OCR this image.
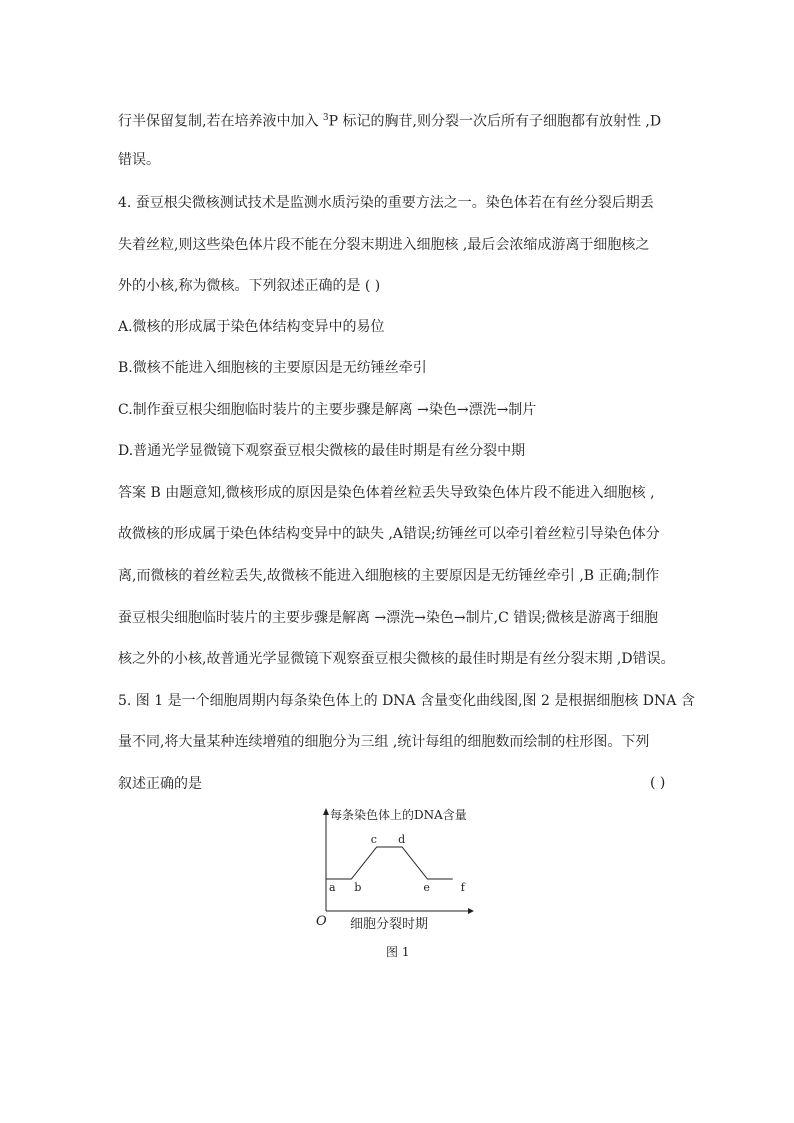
行半保留复制,若在培养液中加入 $^3$P 标记的胸苷,则分裂一次后所有子细胞都有放射性 ,D
错误。
4. 蚕豆根尖微核测试技术是监测水质污染的重要方法之一。染色体若在有丝分裂后期丢
失着丝粒,则这些染色体片段不能在分裂末期进入细胞核 ,最后会浓缩成游离于细胞核之
外的小核,称为微核。下列叙述正确的是 ( )
A.微核的形成属于染色体结构变异中的易位
B.微核不能进入细胞核的主要原因是无纺锤丝牵引
C.制作蚕豆根尖细胞临时装片的主要步骤是解离 →染色→漂洗→制片
D.普通光学显微镜下观察蚕豆根尖微核的最佳时期是有丝分裂中期
答案 B 由题意知,微核形成的原因是染色体着丝粒丢失导致染色体片段不能进入细胞核 ,
故微核的形成属于染色体结构变异中的缺失 ,A错误;纺锤丝可以牵引着丝粒引导染色体分
离,而微核的着丝粒丢失,故微核不能进入细胞核的主要原因是无纺锤丝牵引 ,B 正确;制作
蚕豆根尖细胞临时装片的主要步骤是解离 →漂洗→染色→制片,C 错误;微核是游离于细胞
核之外的小核,故普通光学显微镜下观察蚕豆根尖微核的最佳时期是有丝分裂末期 ,D错误。
5. 图 1 是一个细胞周期内每条染色体上的 DNA 含量变化曲线图,图 2 是根据细胞核 DNA 含
量不同,将大量某种连续增殖的细胞分为三组 ,统计每组的细胞数而绘制的柱形图。下列
叙述正确的是	( )
每条染色体上的DNA含量
O 细胞分裂时期
a b
c d
e	f
图 1
